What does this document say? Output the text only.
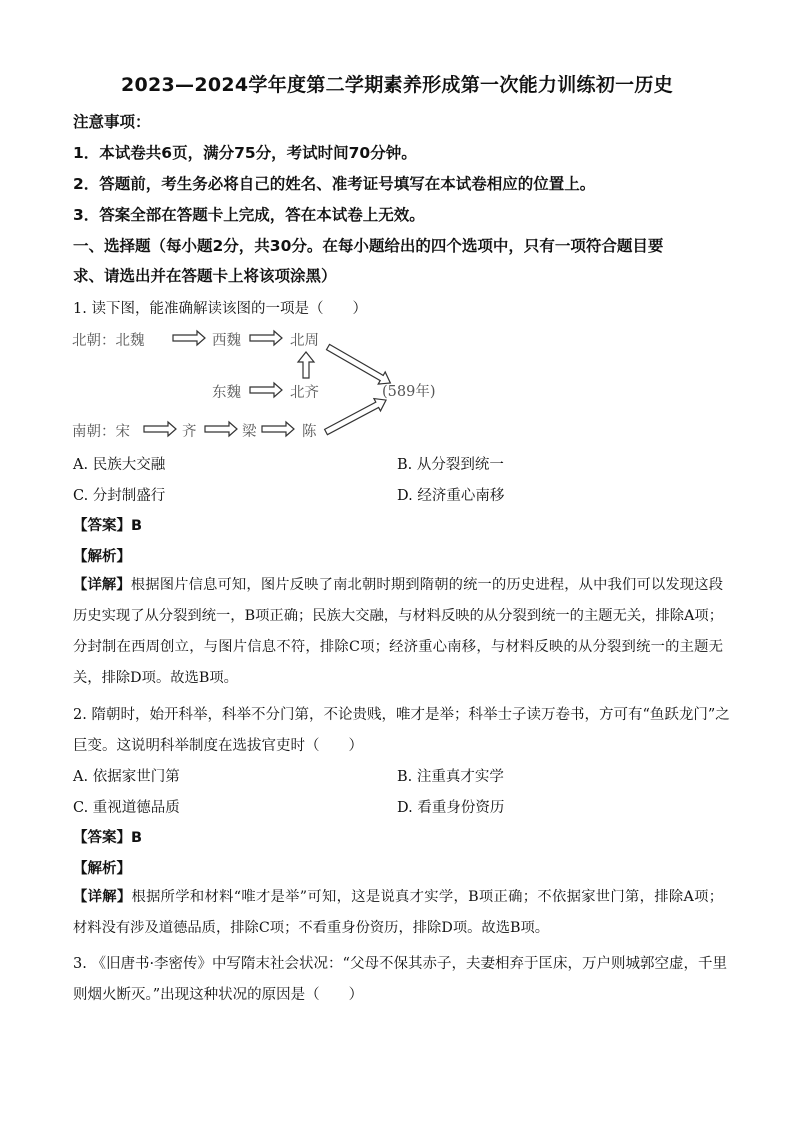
2023—2024学年度第二学期素养形成第一次能力训练初一历史
注意事项：
1．本试卷共6页，满分75分，考试时间70分钟。
2．答题前，考生务必将自己的姓名、准考证号填写在本试卷相应的位置上。
3．答案全部在答题卡上完成，答在本试卷上无效。
一、选择题（每小题2分，共30分。在每小题给出的四个选项中，只有一项符合题目要
求、请选出并在答题卡上将该项涂黑）
1. 读下图，能准确解读该图的一项是（　　）
北朝：北魏	西魏	北周
东魏	北齐	(589年)
南朝：宋	齐	梁	陈
A. 民族大交融	B. 从分裂到统一
C. 分封制盛行	D. 经济重心南移
【答案】B
【解析】
【详解】根据图片信息可知，图片反映了南北朝时期到隋朝的统一的历史进程，从中我们可以发现这段历史实现了从分裂到统一，B项正确；民族大交融，与材料反映的从分裂到统一的主题无关，排除A项；分封制在西周创立，与图片信息不符，排除C项；经济重心南移，与材料反映的从分裂到统一的主题无关，排除D项。故选B项。
2. 隋朝时，始开科举，科举不分门第，不论贵贱，唯才是举；科举士子读万卷书，方可有“鱼跃龙门”之
巨变。这说明科举制度在选拔官吏时（　　）
A. 依据家世门第	B. 注重真才实学
C. 重视道德品质	D. 看重身份资历
【答案】B
【解析】
【详解】根据所学和材料“唯才是举”可知，这是说真才实学，B项正确；不依据家世门第，排除A项；材料没有涉及道德品质，排除C项；不看重身份资历，排除D项。故选B项。
3. 《旧唐书·李密传》中写隋末社会状况：“父母不保其赤子，夫妻相弃于匡床，万户则城郭空虚，千里
则烟火断灭。”出现这种状况的原因是（　　）
